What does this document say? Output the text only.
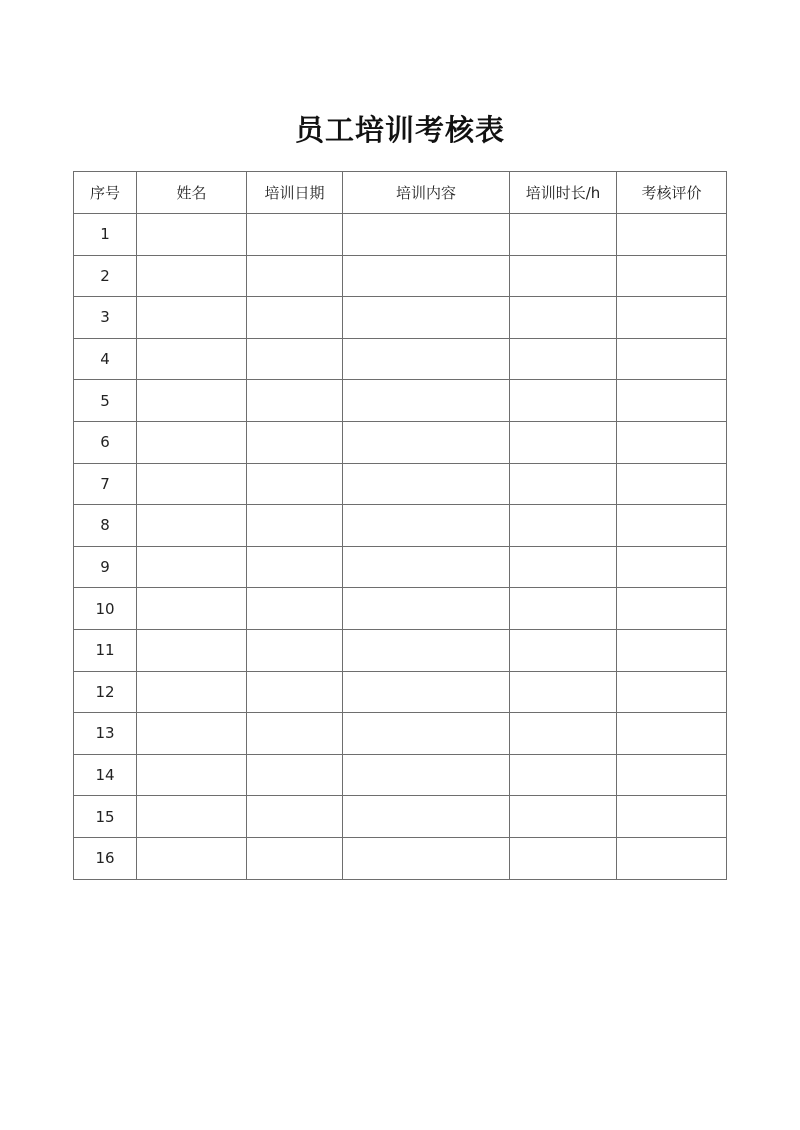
员工培训考核表
序号	姓名	培训日期	培训内容	培训时长/h	考核评价
1					
2					
3					
4					
5					
6					
7					
8					
9					
10					
11					
12					
13					
14					
15					
16					
